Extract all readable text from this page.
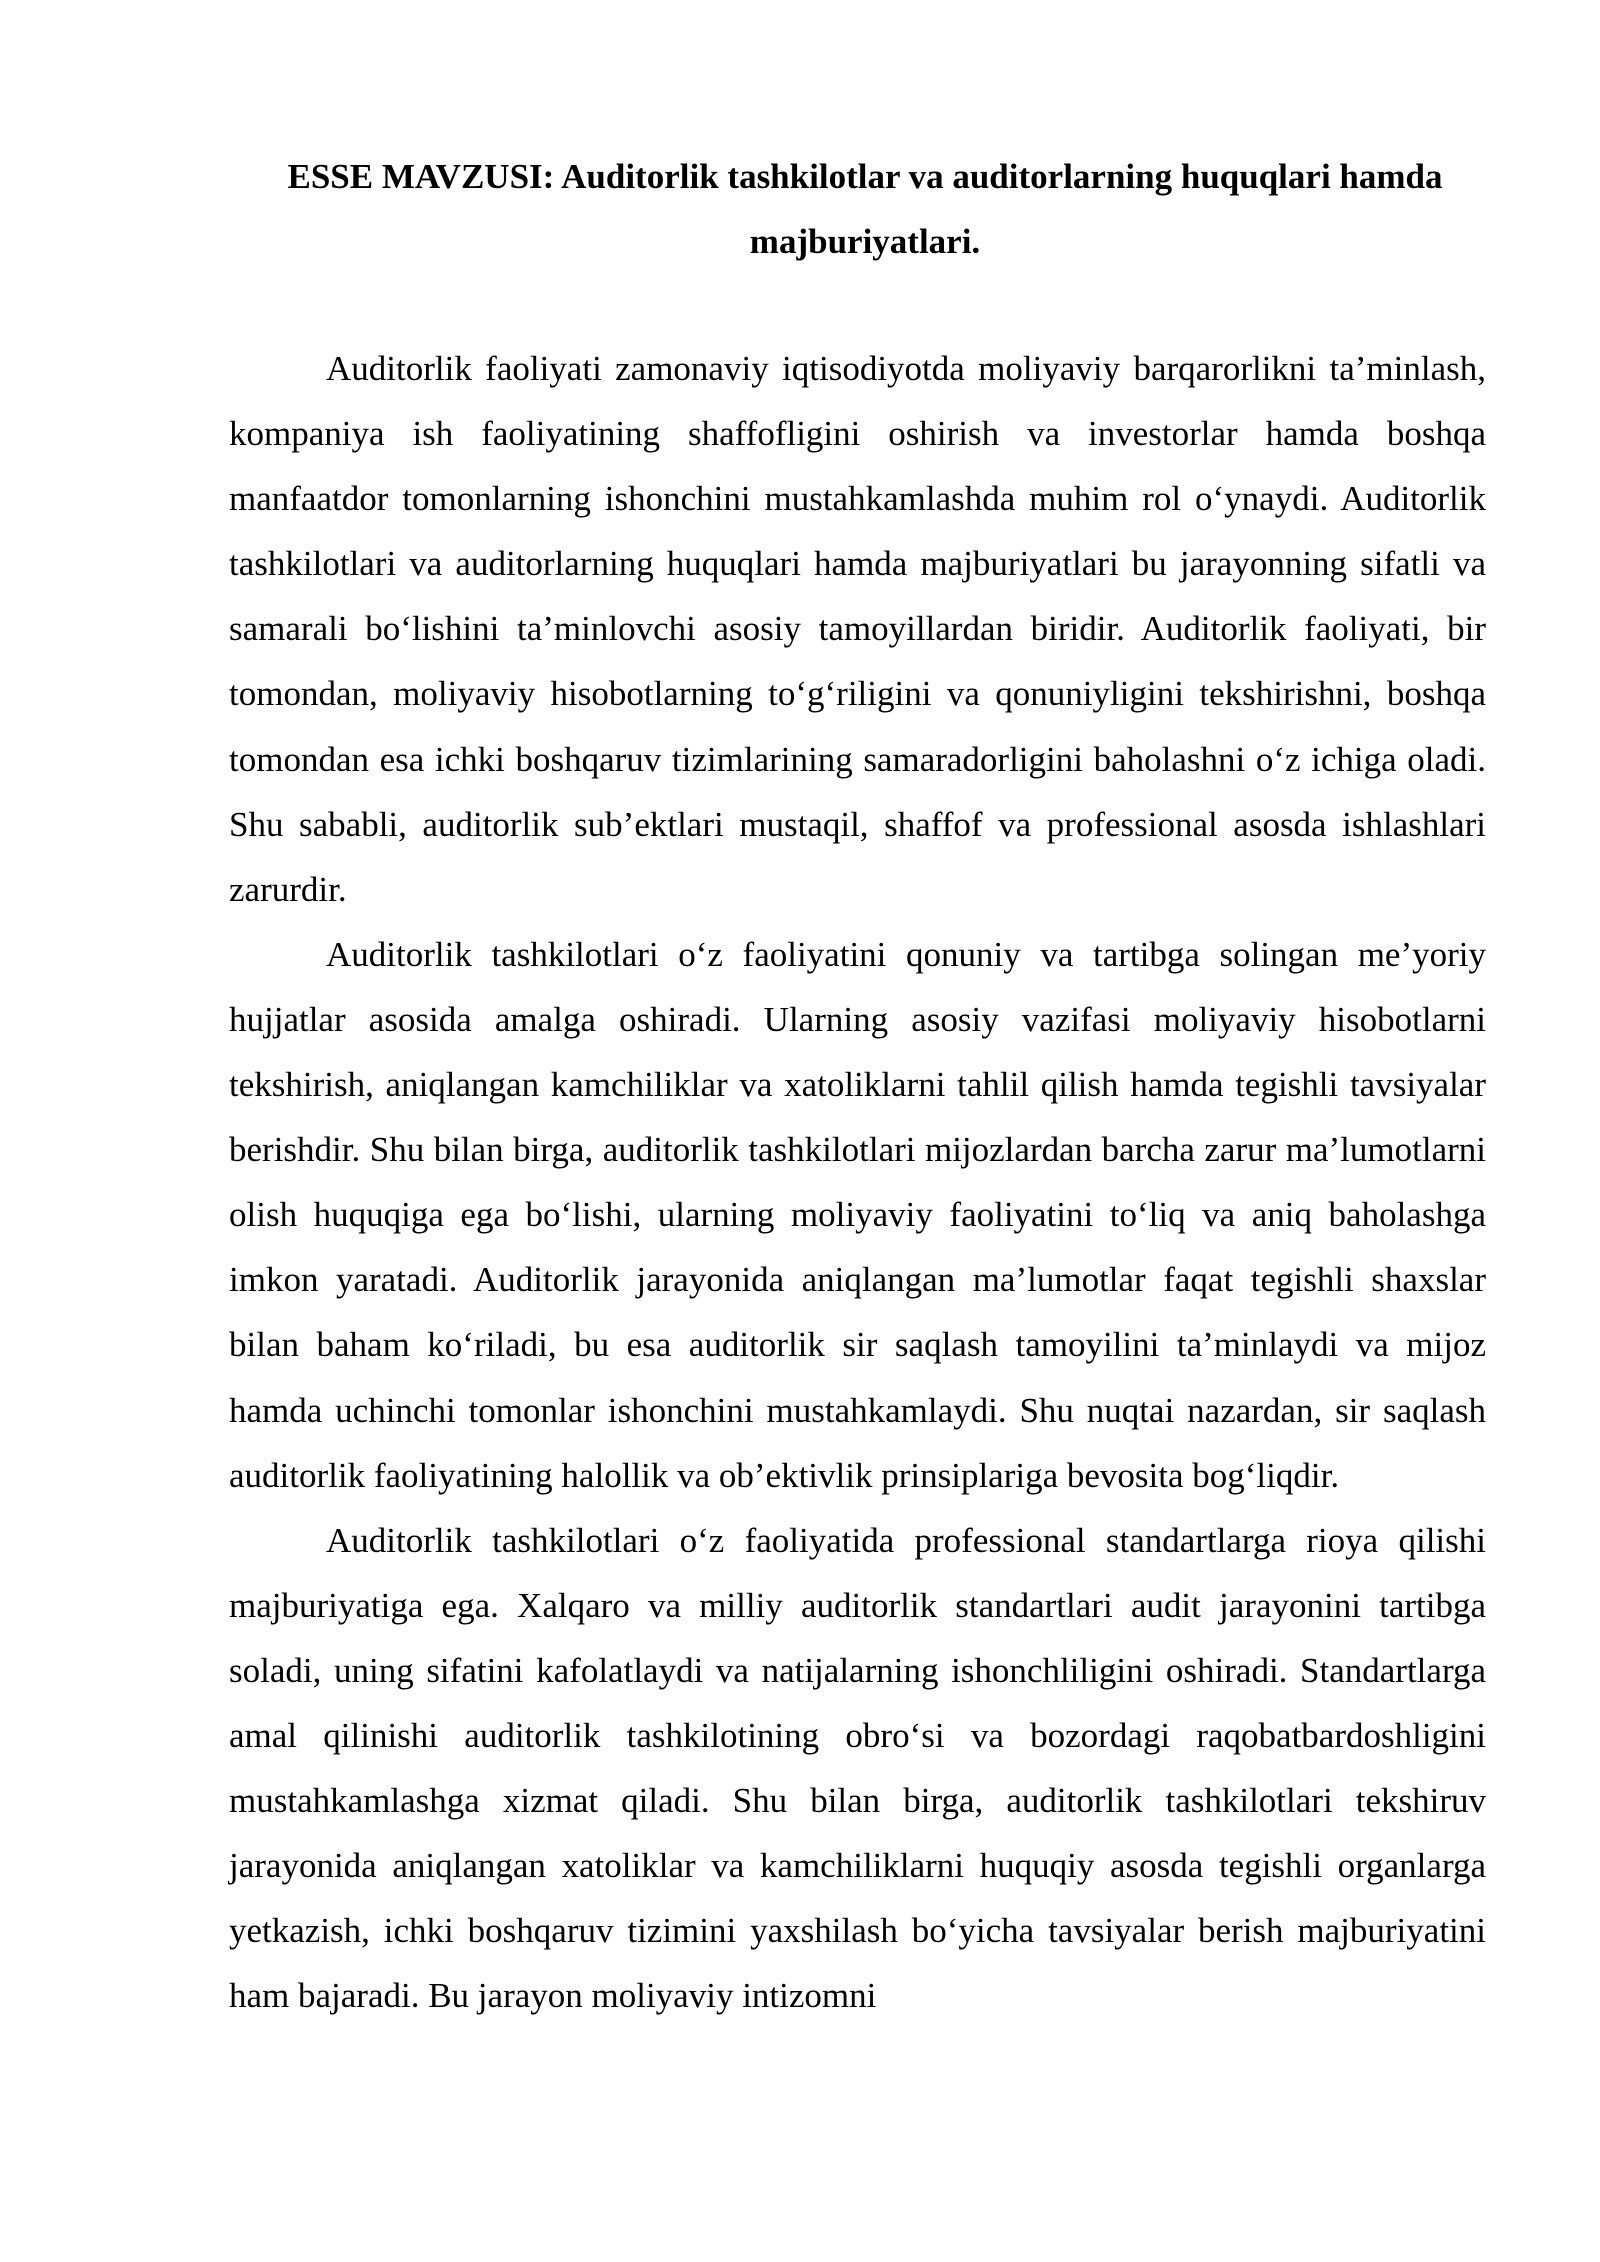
ESSE MAVZUSI: Auditorlik tashkilotlar va auditorlarning huquqlari hamda majburiyatlari.

Auditorlik faoliyati zamonaviy iqtisodiyotda moliyaviy barqarorlikni ta’minlash, kompaniya ish faoliyatining shaffofligini oshirish va investorlar hamda boshqa manfaatdor tomonlarning ishonchini mustahkamlashda muhim rol o‘ynaydi. Auditorlik tashkilotlari va auditorlarning huquqlari hamda majburiyatlari bu jarayonning sifatli va samarali bo‘lishini ta’minlovchi asosiy tamoyillardan biridir. Auditorlik faoliyati, bir tomondan, moliyaviy hisobotlarning to‘g‘riligini va qonuniyligini tekshirishni, boshqa tomondan esa ichki boshqaruv tizimlarining samaradorligini baholashni o‘z ichiga oladi. Shu sababli, auditorlik sub’ektlari mustaqil, shaffof va professional asosda ishlashlari zarurdir.

Auditorlik tashkilotlari o‘z faoliyatini qonuniy va tartibga solingan me’yoriy hujjatlar asosida amalga oshiradi. Ularning asosiy vazifasi moliyaviy hisobotlarni tekshirish, aniqlangan kamchiliklar va xatoliklarni tahlil qilish hamda tegishli tavsiyalar berishdir. Shu bilan birga, auditorlik tashkilotlari mijozlardan barcha zarur ma’lumotlarni olish huquqiga ega bo‘lishi, ularning moliyaviy faoliyatini to‘liq va aniq baholashga imkon yaratadi. Auditorlik jarayonida aniqlangan ma’lumotlar faqat tegishli shaxslar bilan baham ko‘riladi, bu esa auditorlik sir saqlash tamoyilini ta’minlaydi va mijoz hamda uchinchi tomonlar ishonchini mustahkamlaydi. Shu nuqtai nazardan, sir saqlash auditorlik faoliyatining halollik va ob’ektivlik prinsiplariga bevosita bog‘liqdir.

Auditorlik tashkilotlari o‘z faoliyatida professional standartlarga rioya qilishi majburiyatiga ega. Xalqaro va milliy auditorlik standartlari audit jarayonini tartibga soladi, uning sifatini kafolatlaydi va natijalarning ishonchliligini oshiradi. Standartlarga amal qilinishi auditorlik tashkilotining obro‘si va bozordagi raqobatbardoshligini mustahkamlashga xizmat qiladi. Shu bilan birga, auditorlik tashkilotlari tekshiruv jarayonida aniqlangan xatoliklar va kamchiliklarni huquqiy asosda tegishli organlarga yetkazish, ichki boshqaruv tizimini yaxshilash bo‘yicha tavsiyalar berish majburiyatini ham bajaradi. Bu jarayon moliyaviy intizomni
